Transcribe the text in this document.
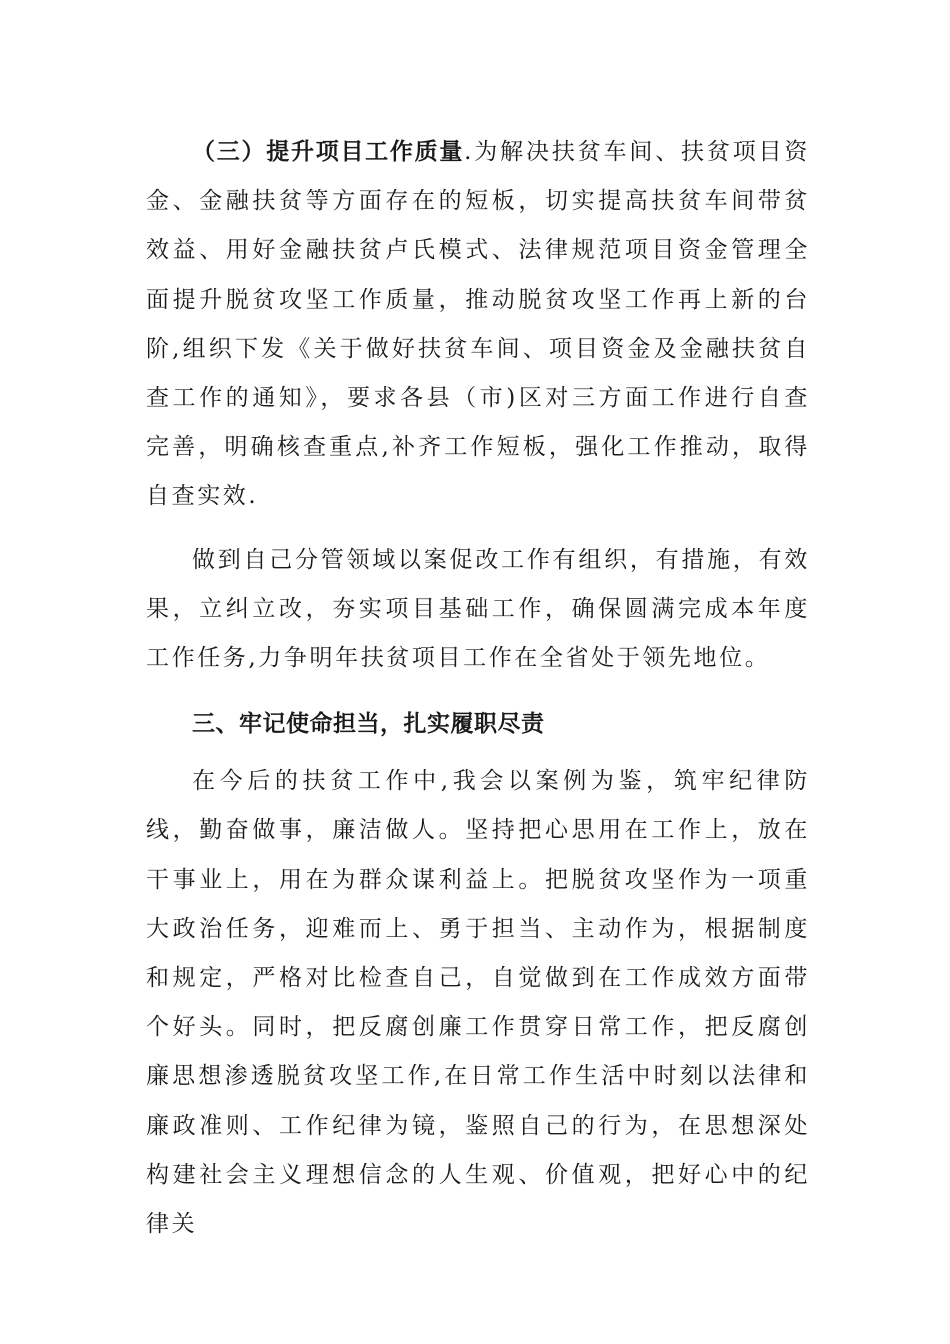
（三）提升项目工作质量.为解决扶贫车间、扶贫项目资金、金融扶贫等方面存在的短板，切实提高扶贫车间带贫效益、用好金融扶贫卢氏模式、法律规范项目资金管理全面提升脱贫攻坚工作质量，推动脱贫攻坚工作再上新的台阶,组织下发《关于做好扶贫车间、项目资金及金融扶贫自查工作的通知》，要求各县（市)区对三方面工作进行自查完善，明确核查重点,补齐工作短板，强化工作推动，取得自查实效.

做到自己分管领域以案促改工作有组织，有措施，有效果，立纠立改，夯实项目基础工作，确保圆满完成本年度工作任务,力争明年扶贫项目工作在全省处于领先地位。

三、牢记使命担当，扎实履职尽责

在今后的扶贫工作中,我会以案例为鉴，筑牢纪律防线，勤奋做事，廉洁做人。坚持把心思用在工作上，放在干事业上，用在为群众谋利益上。把脱贫攻坚作为一项重大政治任务，迎难而上、勇于担当、主动作为，根据制度和规定，严格对比检查自己，自觉做到在工作成效方面带个好头。同时，把反腐创廉工作贯穿日常工作，把反腐创廉思想渗透脱贫攻坚工作,在日常工作生活中时刻以法律和廉政准则、工作纪律为镜，鉴照自己的行为，在思想深处构建社会主义理想信念的人生观、价值观，把好心中的纪律关
